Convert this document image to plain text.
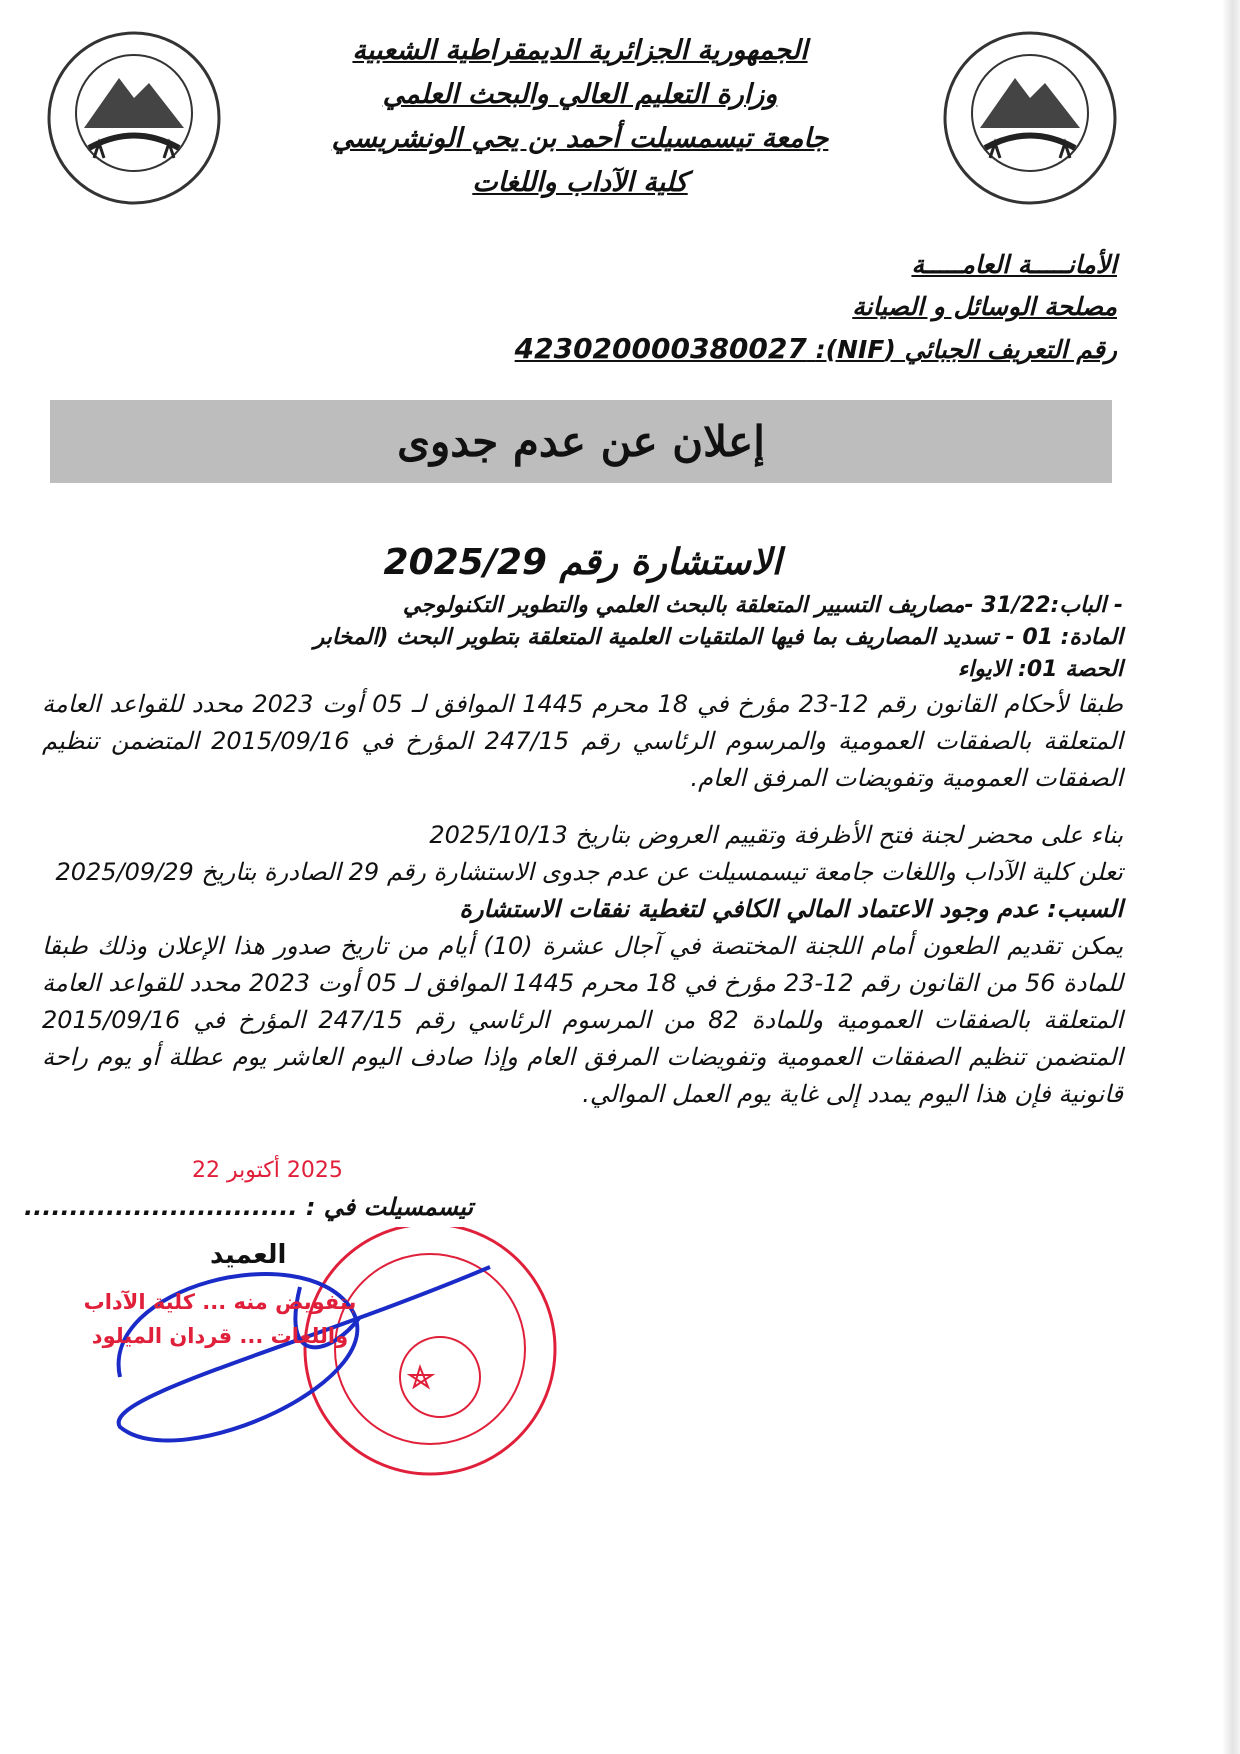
الجمهورية الجزائرية الديمقراطية الشعبية
وزارة التعليم العالي والبحث العلمي
جامعة تيسمسيلت أحمد بن يحي الونشريسي
كلية الآداب واللغات
الأمانـــــة العامـــــة
مصلحة الوسائل و الصيانة
رقم التعريف الجبائي (NIF): 423020000380027
إعلان عن عدم جدوى
الاستشارة رقم 2025/29
- الباب:31/22 -مصاريف التسيير المتعلقة بالبحث العلمي والتطوير التكنولوجي
المادة: 01 - تسديد المصاريف بما فيها الملتقيات العلمية المتعلقة بتطوير البحث (المخابر
الحصة 01: الايواء
طبقا لأحكام القانون رقم 12-23 مؤرخ في 18 محرم 1445 الموافق لـ 05 أوت 2023 محدد للقواعد العامة المتعلقة بالصفقات العمومية والمرسوم الرئاسي رقم 247/15 المؤرخ في 2015/09/16 المتضمن تنظيم الصفقات العمومية وتفويضات المرفق العام.
بناء على محضر لجنة فتح الأظرفة وتقييم العروض بتاريخ 2025/10/13
تعلن كلية الآداب واللغات جامعة تيسمسيلت عن عدم جدوى الاستشارة رقم 29 الصادرة بتاريخ 2025/09/29
السبب: عدم وجود الاعتماد المالي الكافي لتغطية نفقات الاستشارة
يمكن تقديم الطعون أمام اللجنة المختصة في آجال عشرة (10) أيام من تاريخ صدور هذا الإعلان وذلك طبقا للمادة 56 من القانون رقم 12-23 مؤرخ في 18 محرم 1445 الموافق لـ 05 أوت 2023 محدد للقواعد العامة المتعلقة بالصفقات العمومية وللمادة 82 من المرسوم الرئاسي رقم 247/15 المؤرخ في 2015/09/16 المتضمن تنظيم الصفقات العمومية وتفويضات المرفق العام وإذا صادف اليوم العاشر يوم عطلة أو يوم راحة قانونية فإن هذا اليوم يمدد إلى غاية يوم العمل الموالي.
2025 أكتوبر 22
تيسمسيلت في : ..............................
العميد
بتفويض منه ... كلية الآداب واللغات ... قردان الميلود
